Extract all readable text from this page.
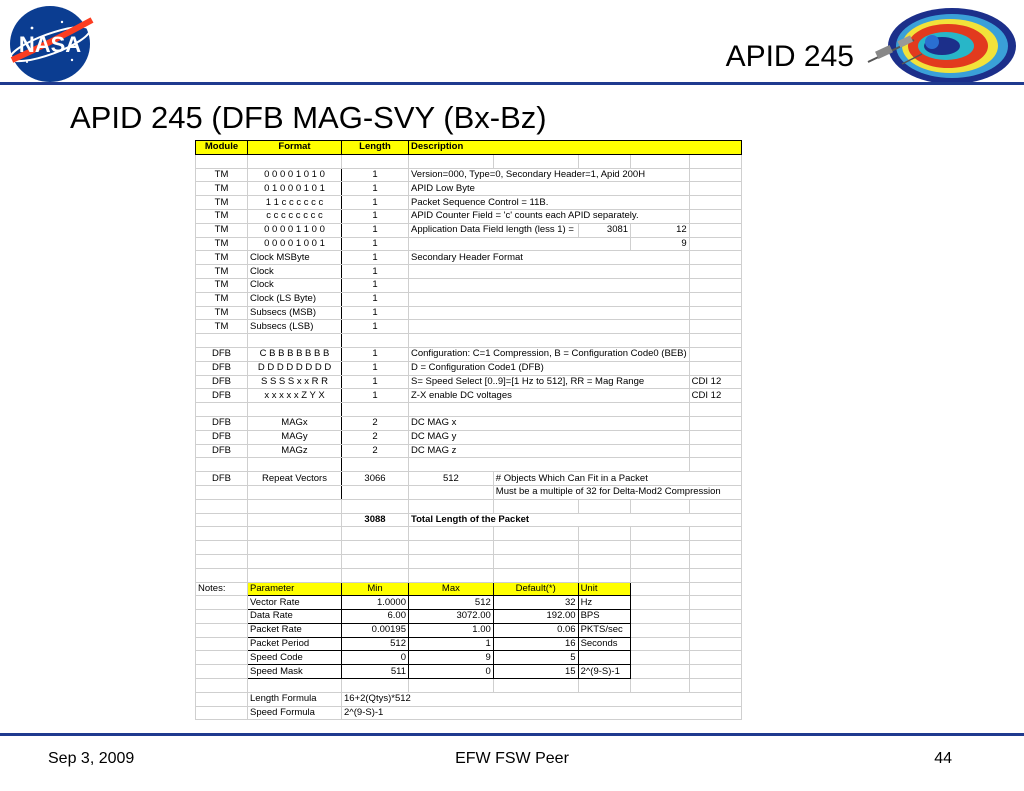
NASA	APID 245
APID 245 (DFB MAG-SVY (Bx-Bz)
Module	Format	Length	Description				

TM	0 0 0 0 1 0 1 0	1	Version=000, Type=0, Secondary Header=1, Apid 200H				
TM	0 1 0 0 0 1 0 1	1	APID Low Byte				
TM	1 1 c c c c c c	1	Packet Sequence Control = 11B.				
TM	c c c c c c c c	1	APID Counter Field = 'c' counts each APID separately.				
TM	0 0 0 0 1 1 0 0	1	Application Data Field length (less 1) =		3081	12	
TM	0 0 0 0 1 0 0 1	1				9	
TM	Clock MSByte	1	Secondary Header Format				
TM	Clock	1					
TM	Clock	1					
TM	Clock (LS Byte)	1					
TM	Subsecs (MSB)	1					
TM	Subsecs (LSB)	1					

DFB	C B B B B B B B	1	Configuration: C=1 Compression, B = Configuration Code0 (BEB)				
DFB	D D D D D D D D	1	D = Configuration Code1 (DFB)				
DFB	S S S S x x R R	1	S= Speed Select [0..9]=[1 Hz to 512], RR = Mag Range				CDI 12
DFB	x x x x x Z Y X	1	Z-X enable DC voltages				CDI 12

DFB	MAGx	2	DC MAG x				
DFB	MAGy	2	DC MAG y				
DFB	MAGz	2	DC MAG z				

DFB	Repeat Vectors	3066	512	# Objects Which Can Fit in a Packet			
				Must be a multiple of 32 for Delta-Mod2 Compression			

		3088	Total Length of the Packet				

Notes:	Parameter	Min	Max	Default(*)	Unit		
	Vector Rate	1.0000	512	32	Hz		
	Data Rate	6.00	3072.00	192.00	BPS		
	Packet Rate	0.00195	1.00	0.06	PKTS/sec		
	Packet Period	512	1	16	Seconds		
	Speed Code	0	9	5			
	Speed Mask	511	0	15	2^(9-S)-1		

	Length Formula	16+2(Qtys)*512					
	Speed Formula	2^(9-S)-1					
Sep 3, 2009	EFW FSW Peer	44
